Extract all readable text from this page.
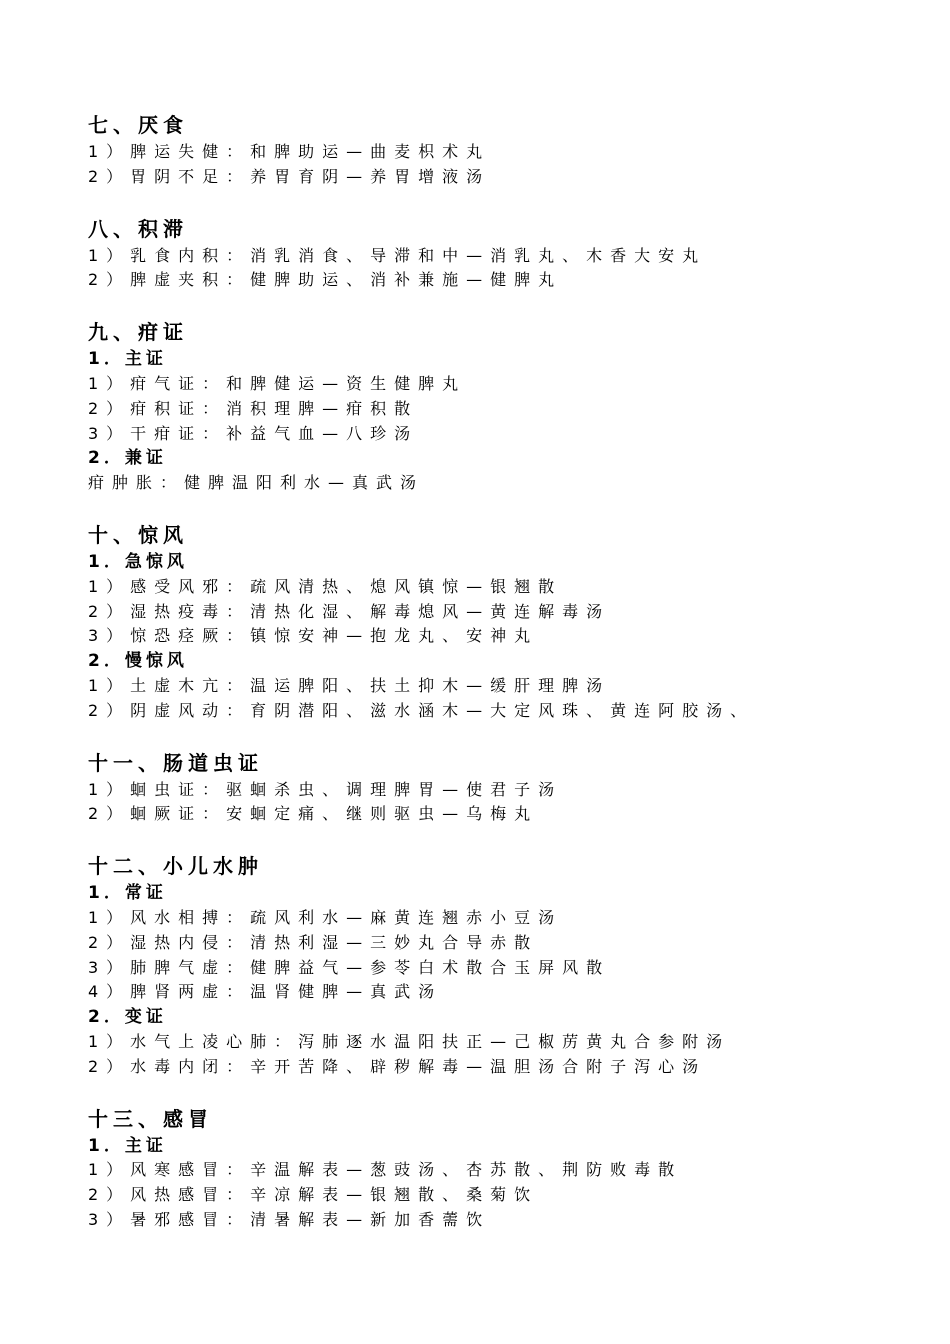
七、厌食
1）脾运失健：和脾助运—曲麦枳术丸
2）胃阴不足：养胃育阴—养胃增液汤
八、积滞
1）乳食内积：消乳消食、导滞和中—消乳丸、木香大安丸
2）脾虚夹积：健脾助运、消补兼施—健脾丸
九、疳证
1．主证
1）疳气证：和脾健运—资生健脾丸
2）疳积证：消积理脾—疳积散
3）干疳证：补益气血—八珍汤
2．兼证
疳肿胀：健脾温阳利水—真武汤
十、惊风
1．急惊风
1）感受风邪：疏风清热、熄风镇惊—银翘散
2）湿热疫毒：清热化湿、解毒熄风—黄连解毒汤
3）惊恐痉厥：镇惊安神—抱龙丸、安神丸
2．慢惊风
1）土虚木亢：温运脾阳、扶土抑木—缓肝理脾汤
2）阴虚风动：育阴潜阳、滋水涵木—大定风珠、黄连阿胶汤、
十一、肠道虫证
1）蛔虫证：驱蛔杀虫、调理脾胃—使君子汤
2）蛔厥证：安蛔定痛、继则驱虫—乌梅丸
十二、小儿水肿
1．常证
1）风水相搏：疏风利水—麻黄连翘赤小豆汤
2）湿热内侵：清热利湿—三妙丸合导赤散
3）肺脾气虚：健脾益气—参苓白术散合玉屏风散
4）脾肾两虚：温肾健脾—真武汤
2．变证
1）水气上凌心肺：泻肺逐水温阳扶正—己椒苈黄丸合参附汤
2）水毒内闭：辛开苦降、辟秽解毒—温胆汤合附子泻心汤
十三、感冒
1．主证
1）风寒感冒：辛温解表—葱豉汤、杏苏散、荆防败毒散
2）风热感冒：辛凉解表—银翘散、桑菊饮
3）暑邪感冒：清暑解表—新加香薷饮
